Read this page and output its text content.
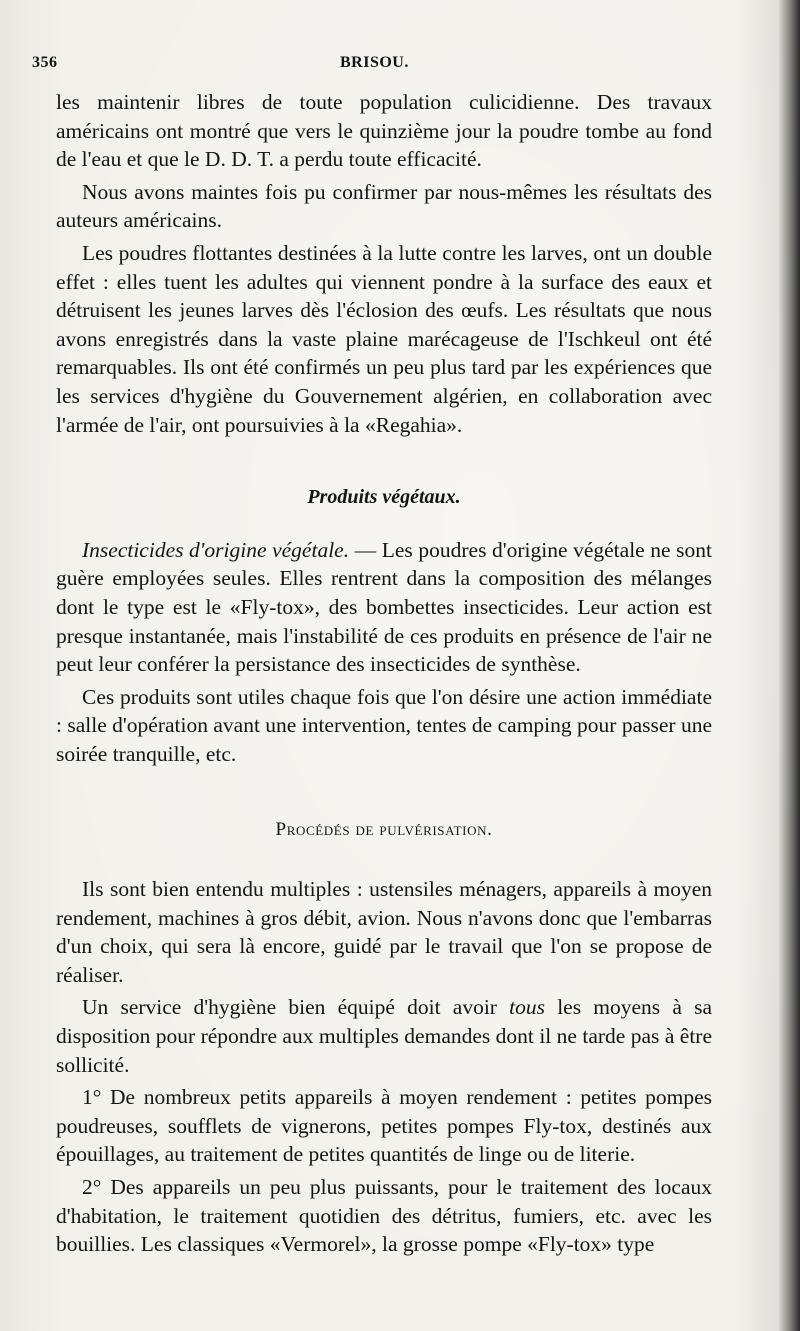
356	BRISOU.

les maintenir libres de toute population culicidienne. Des travaux américains ont montré que vers le quinzième jour la poudre tombe au fond de l'eau et que le D. D. T. a perdu toute efficacité.

Nous avons maintes fois pu confirmer par nous-mêmes les résultats des auteurs américains.

Les poudres flottantes destinées à la lutte contre les larves, ont un double effet : elles tuent les adultes qui viennent pondre à la surface des eaux et détruisent les jeunes larves dès l'éclosion des œufs. Les résultats que nous avons enregistrés dans la vaste plaine marécageuse de l'Ischkeul ont été remarquables. Ils ont été confirmés un peu plus tard par les expériences que les services d'hygiène du Gouvernement algérien, en collaboration avec l'armée de l'air, ont poursuivies à la «Regahia».

Produits végétaux.

Insecticides d'origine végétale. — Les poudres d'origine végétale ne sont guère employées seules. Elles rentrent dans la composition des mélanges dont le type est le «Fly-tox», des bombettes insecticides. Leur action est presque instantanée, mais l'instabilité de ces produits en présence de l'air ne peut leur conférer la persistance des insecticides de synthèse.

Ces produits sont utiles chaque fois que l'on désire une action immédiate : salle d'opération avant une intervention, tentes de camping pour passer une soirée tranquille, etc.

Procédés de pulvérisation.

Ils sont bien entendu multiples : ustensiles ménagers, appareils à moyen rendement, machines à gros débit, avion. Nous n'avons donc que l'embarras d'un choix, qui sera là encore, guidé par le travail que l'on se propose de réaliser.

Un service d'hygiène bien équipé doit avoir tous les moyens à sa disposition pour répondre aux multiples demandes dont il ne tarde pas à être sollicité.

1° De nombreux petits appareils à moyen rendement : petites pompes poudreuses, soufflets de vignerons, petites pompes Fly-tox, destinés aux épouillages, au traitement de petites quantités de linge ou de literie.

2° Des appareils un peu plus puissants, pour le traitement des locaux d'habitation, le traitement quotidien des détritus, fumiers, etc. avec les bouillies. Les classiques «Vermorel», la grosse pompe «Fly-tox» type
